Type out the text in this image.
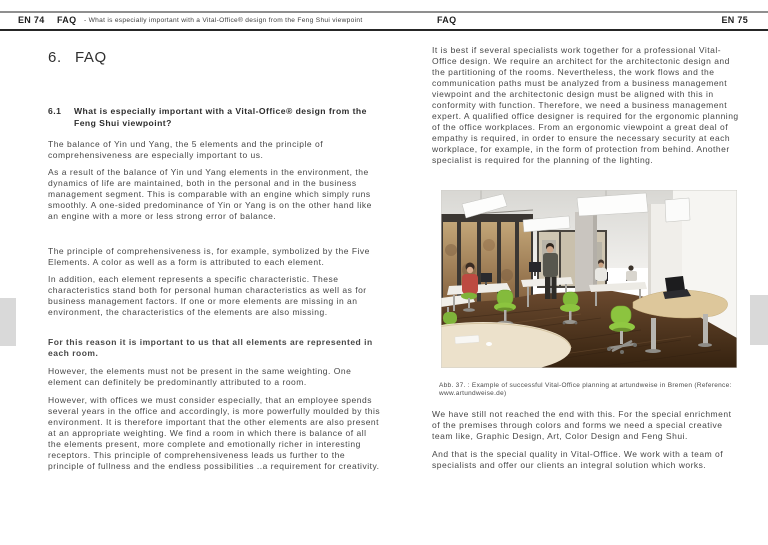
EN 74 FAQ - What is especially important with a Vital-Office® design from the Feng Shui viewpoint	FAQ	EN 75
6. FAQ
6.1 What is especially important with a Vital-Office® design from the Feng Shui viewpoint?

The balance of Yin und Yang, the 5 elements and the principle of comprehensiveness are especially important to us.

As a result of the balance of Yin und Yang elements in the environment, the dynamics of life are maintained, both in the personal and in the business management segment. This is comparable with an engine which simply runs smoothly. A one-sided predominance of Yin or Yang is on the other hand like an engine with a more or less strong error of balance.

The principle of comprehensiveness is, for example, symbolized by the Five Elements. A color as well as a form is attributed to each element.

In addition, each element represents a specific characteristic. These characteristics stand both for personal human characteristics as well as for business management factors. If one or more elements are missing in an environment, the characteristics of the elements are also missing.

For this reason it is important to us that all elements are represented in each room.

However, the elements must not be present in the same weighting. One element can definitely be predominantly attributed to a room.

However, with offices we must consider especially, that an employee spends several years in the office and accordingly, is more powerfully moulded by this environment. It is therefore important that the other elements are also present at an appropriate weighting. We find a room in which there is balance of all the elements present, more complete and emotionally richer in interesting receptors. This principle of comprehensiveness leads us further to the principle of fullness and the endless possibilities ..a requirement for creativity.

It is best if several specialists work together for a professional Vital-Office design. We require an architect for the architectonic design and the partitioning of the rooms. Nevertheless, the work flows and the communication paths must be analyzed from a business management viewpoint and the architectonic design must be aligned with this in conformity with function. Therefore, we need a business management expert. A qualified office designer is required for the ergonomic planning of the office workplaces. From an ergonomic viewpoint a great deal of empathy is required, in order to ensure the necessary security at each workplace, for example, in the form of protection from behind. Another specialist is required for the planning of the lighting.

Abb. 37. : Example of successful Vital-Office planning at artundweise in Bremen (Reference: www.artundweise.de)

We have still not reached the end with this. For the special enrichment of the premises through colors and forms we need a special creative team like, Graphic Design, Art, Color Design and Feng Shui.

And that is the special quality in Vital-Office. We work with a team of specialists and offer our clients an integral solution which works.
